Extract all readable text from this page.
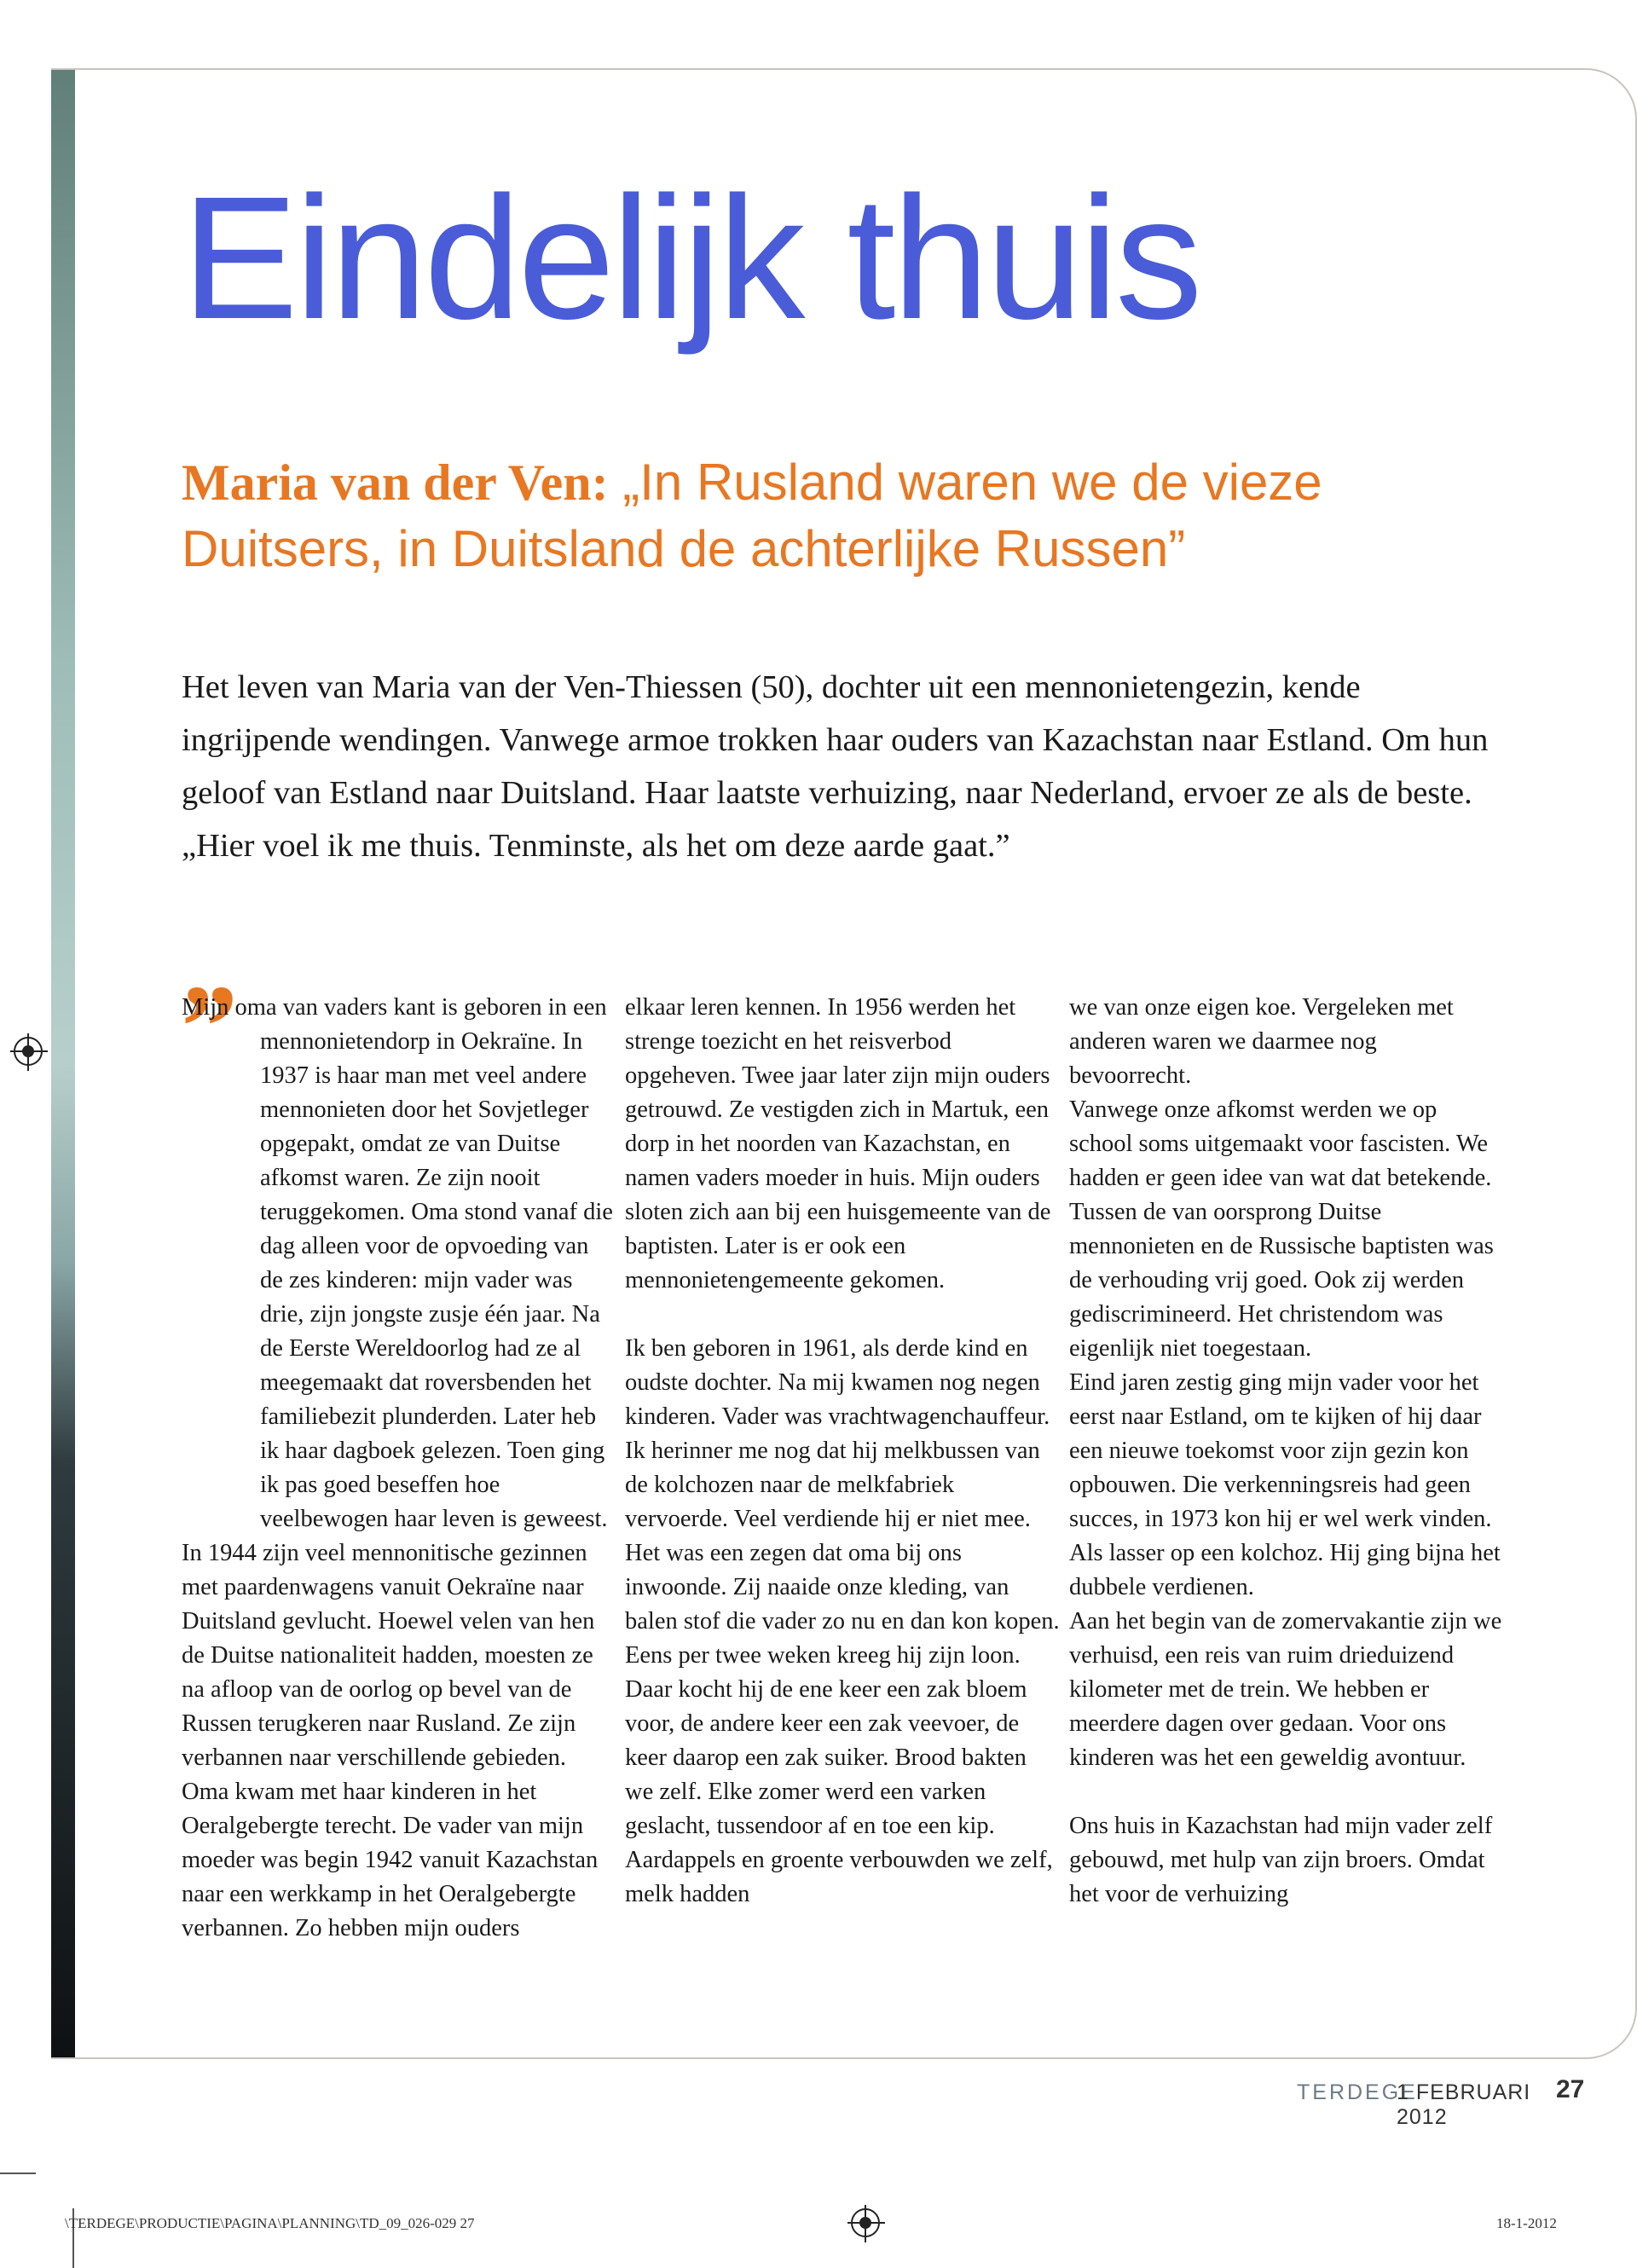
Eindelijk thuis

Maria van der Ven: „In Rusland waren we de vieze Duitsers, in Duitsland de achterlijke Russen”

Het leven van Maria van der Ven-Thiessen (50), dochter uit een mennonietengezin, kende ingrijpende wendingen. Vanwege armoe trokken haar ouders van Kazachstan naar Estland. Om hun geloof van Estland naar Duitsland. Haar laatste verhuizing, naar Nederland, ervoer ze als de beste. „Hier voel ik me thuis. Tenminste, als het om deze aarde gaat.”

”

Mijn oma van vaders kant is geboren in een mennonietendorp in Oekraïne. In 1937 is haar man met veel andere mennonieten door het Sovjetleger opgepakt, omdat ze van Duitse afkomst waren. Ze zijn nooit teruggekomen. Oma stond vanaf die dag alleen voor de opvoeding van de zes kinderen: mijn vader was drie, zijn jongste zusje één jaar. Na de Eerste Wereldoorlog had ze al meegemaakt dat roversbenden het familiebezit plunderden. Later heb ik haar dagboek gelezen. Toen ging ik pas goed beseffen hoe veelbewogen haar leven is geweest.

In 1944 zijn veel mennonitische gezinnen met paardenwagens vanuit Oekraïne naar Duitsland gevlucht. Hoewel velen van hen de Duitse nationaliteit hadden, moesten ze na afloop van de oorlog op bevel van de Russen terugkeren naar Rusland. Ze zijn verbannen naar verschillende gebieden. Oma kwam met haar kinderen in het Oeralgebergte terecht. De vader van mijn moeder was begin 1942 vanuit Kazachstan naar een werkkamp in het Oeralgebergte verbannen. Zo hebben mijn ouders

elkaar leren kennen. In 1956 werden het strenge toezicht en het reisverbod opgeheven. Twee jaar later zijn mijn ouders getrouwd. Ze vestigden zich in Martuk, een dorp in het noorden van Kazachstan, en namen vaders moeder in huis. Mijn ouders sloten zich aan bij een huisgemeente van de baptisten. Later is er ook een mennonietengemeente gekomen.

Ik ben geboren in 1961, als derde kind en oudste dochter. Na mij kwamen nog negen kinderen. Vader was vrachtwagenchauffeur. Ik herinner me nog dat hij melkbussen van de kolchozen naar de melkfabriek vervoerde. Veel verdiende hij er niet mee. Het was een zegen dat oma bij ons inwoonde. Zij naaide onze kleding, van balen stof die vader zo nu en dan kon kopen. Eens per twee weken kreeg hij zijn loon. Daar kocht hij de ene keer een zak bloem voor, de andere keer een zak veevoer, de keer daarop een zak suiker. Brood bakten we zelf. Elke zomer werd een varken geslacht, tussendoor af en toe een kip. Aardappels en groente verbouwden we zelf, melk hadden

we van onze eigen koe. Vergeleken met anderen waren we daarmee nog bevoorrecht.

Vanwege onze afkomst werden we op school soms uitgemaakt voor fascisten. We hadden er geen idee van wat dat betekende. Tussen de van oorsprong Duitse mennonieten en de Russische baptisten was de verhouding vrij goed. Ook zij werden gediscrimineerd. Het christendom was eigenlijk niet toegestaan.

Eind jaren zestig ging mijn vader voor het eerst naar Estland, om te kijken of hij daar een nieuwe toekomst voor zijn gezin kon opbouwen. Die verkenningsreis had geen succes, in 1973 kon hij er wel werk vinden. Als lasser op een kolchoz. Hij ging bijna het dubbele verdienen.

Aan het begin van de zomervakantie zijn we verhuisd, een reis van ruim drieduizend kilometer met de trein. We hebben er meerdere dagen over gedaan. Voor ons kinderen was het een geweldig avontuur.

Ons huis in Kazachstan had mijn vader zelf gebouwd, met hulp van zijn broers. Omdat het voor de verhuizing

TERDEGE
1 FEBRUARI 2012
27
\TERDEGE\PRODUCTIE\PAGINA\PLANNING\TD_09_026-029 27	18-1-2012
